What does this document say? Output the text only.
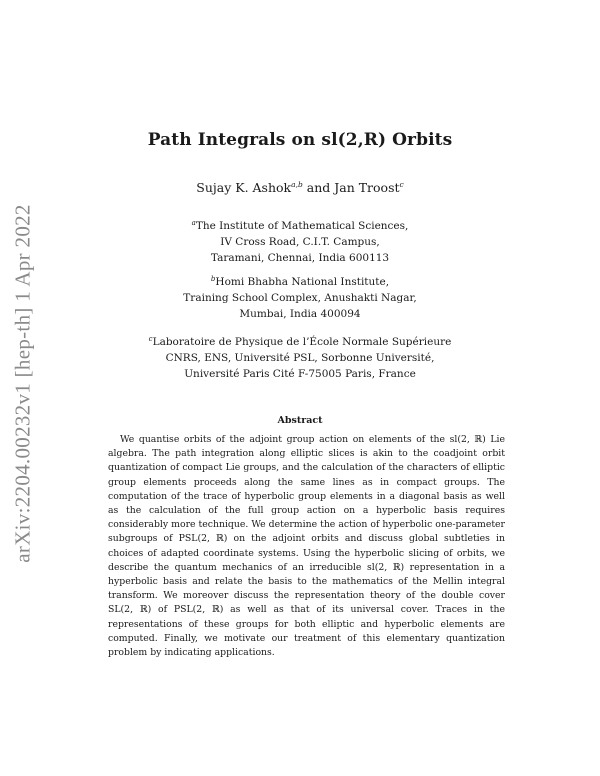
arXiv:2204.00232v1 [hep-th] 1 Apr 2022
Path Integrals on sl(2,R) Orbits
Sujay K. Ashok$^{a,b}$ and Jan Troost$^c$
$^a$The Institute of Mathematical Sciences,
IV Cross Road, C.I.T. Campus,
Taramani, Chennai, India 600113
$^b$Homi Bhabha National Institute,
Training School Complex, Anushakti Nagar,
Mumbai, India 400094
$^c$Laboratoire de Physique de l’École Normale Supérieure
CNRS, ENS, Université PSL, Sorbonne Université,
Université Paris Cité F-75005 Paris, France
Abstract

We quantise orbits of the adjoint group action on elements of the sl(2, ℝ) Lie algebra. The path integration along elliptic slices is akin to the coadjoint orbit quantization of compact Lie groups, and the calculation of the characters of elliptic group elements proceeds along the same lines as in compact groups. The computation of the trace of hyperbolic group elements in a diagonal basis as well as the calculation of the full group action on a hyperbolic basis requires considerably more technique. We determine the action of hyperbolic one-parameter subgroups of PSL(2, ℝ) on the adjoint orbits and discuss global subtleties in choices of adapted coordinate systems. Using the hyperbolic slicing of orbits, we describe the quantum mechanics of an irreducible sl(2, ℝ) representation in a hyperbolic basis and relate the basis to the mathematics of the Mellin integral transform. We moreover discuss the representation theory of the double cover SL(2, ℝ) of PSL(2, ℝ) as well as that of its universal cover. Traces in the representations of these groups for both elliptic and hyperbolic elements are computed. Finally, we motivate our treatment of this elementary quantization problem by indicating applications.
